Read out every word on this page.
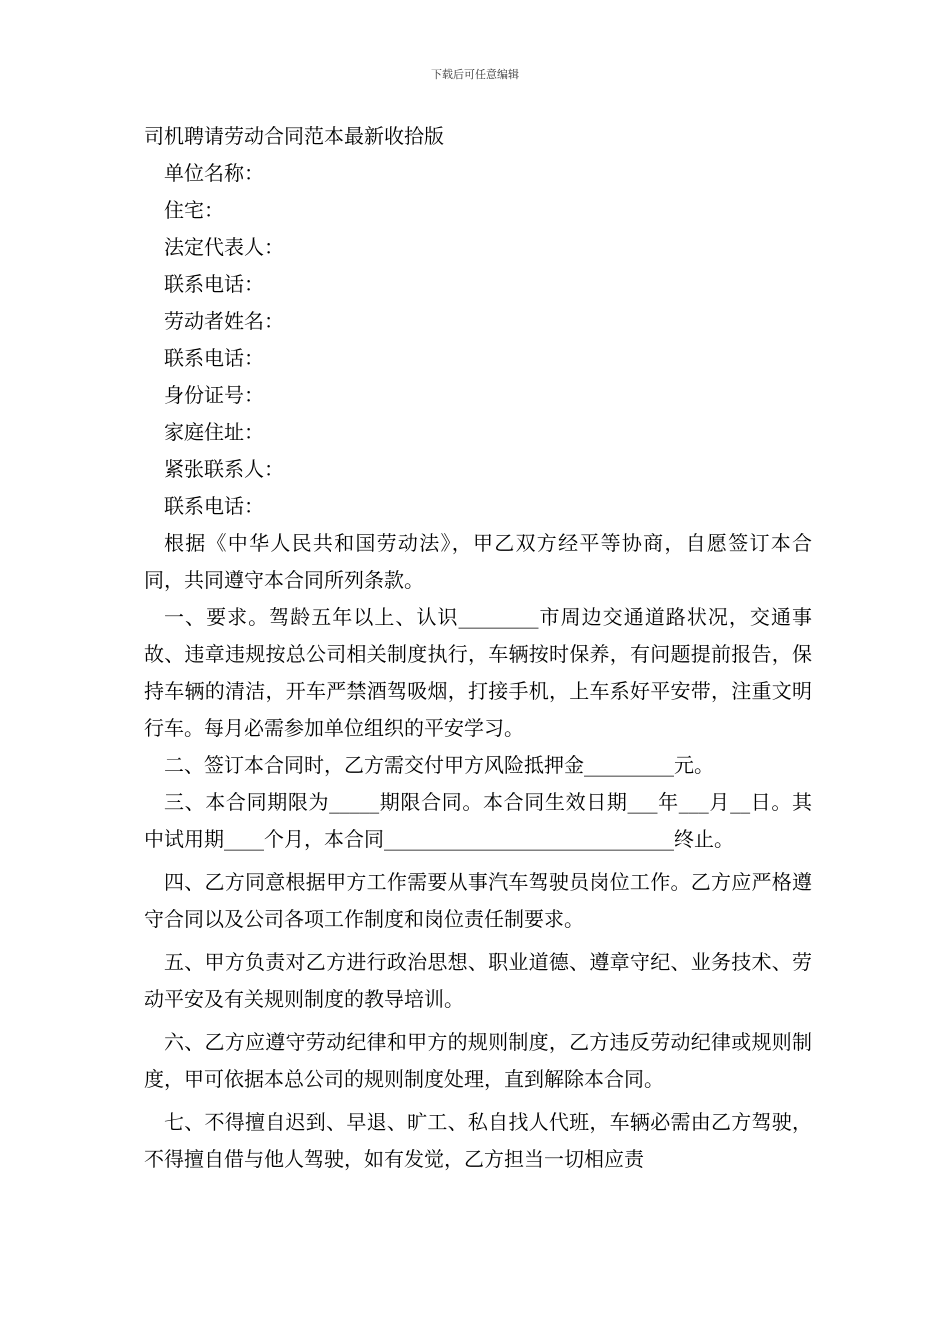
下载后可任意编辑
司机聘请劳动合同范本最新收拾版
单位名称：
住宅：
法定代表人：
联系电话：
劳动者姓名：
联系电话：
身份证号：
家庭住址：
紧张联系人：
联系电话：

根据《中华人民共和国劳动法》，甲乙双方经平等协商，自愿签订本合同，共同遵守本合同所列条款。

一、要求。驾龄五年以上、认识________市周边交通道路状况，交通事故、违章违规按总公司相关制度执行，车辆按时保养，有问题提前报告，保持车辆的清洁，开车严禁酒驾吸烟，打接手机，上车系好平安带，注重文明行车。每月必需参加单位组织的平安学习。

二、签订本合同时，乙方需交付甲方风险抵押金_________元。

三、本合同期限为_____期限合同。本合同生效日期___年___月__日。其中试用期____个月，本合同_____________________________终止。

四、乙方同意根据甲方工作需要从事汽车驾驶员岗位工作。乙方应严格遵守合同以及公司各项工作制度和岗位责任制要求。

五、甲方负责对乙方进行政治思想、职业道德、遵章守纪、业务技术、劳动平安及有关规则制度的教导培训。

六、乙方应遵守劳动纪律和甲方的规则制度，乙方违反劳动纪律或规则制度，甲可依据本总公司的规则制度处理，直到解除本合同。

七、不得擅自迟到、早退、旷工、私自找人代班，车辆必需由乙方驾驶，不得擅自借与他人驾驶，如有发觉，乙方担当一切相应责
